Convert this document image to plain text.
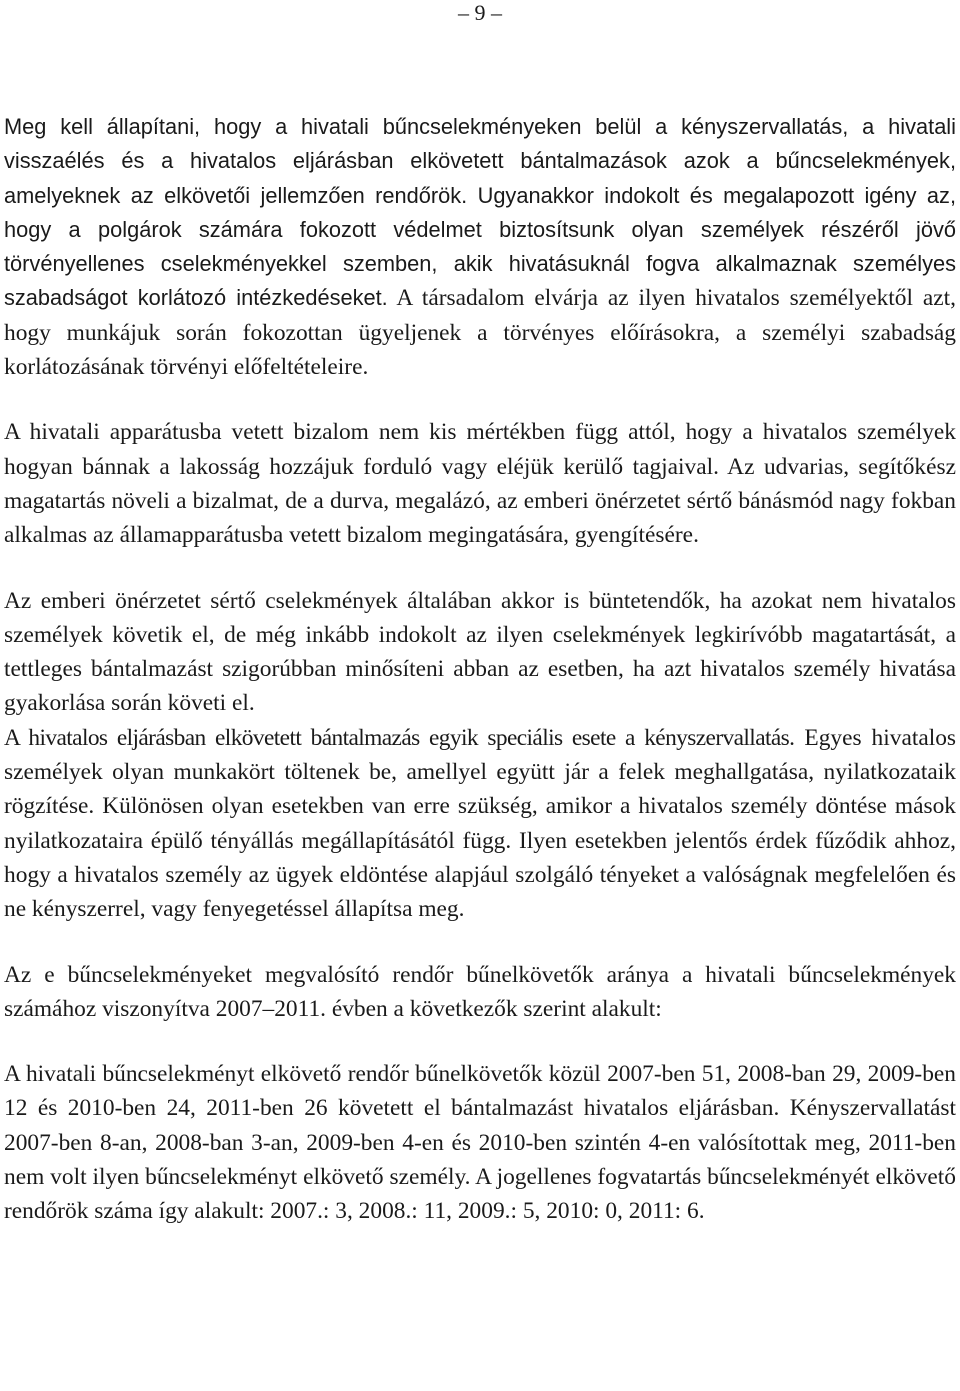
– 9 –

Meg kell állapítani, hogy a hivatali bűncselekményeken belül a kényszervallatás, a hivatali visszaélés és a hivatalos eljárásban elkövetett bántalmazások azok a bűncselekmények, amelyeknek az elkövetői jellemzően rendőrök. Ugyanakkor indokolt és megalapozott igény az, hogy a polgárok számára fokozott védelmet biztosítsunk olyan személyek részéről jövő törvényellenes cselekményekkel szemben, akik hivatásuknál fogva alkalmaznak személyes szabadságot korlátozó intézkedéseket. A társadalom elvárja az ilyen hivatalos személyektől azt, hogy munkájuk során fokozottan ügyeljenek a törvényes előírásokra, a személyi szabadság korlátozásának törvényi előfeltételeire.

A hivatali apparátusba vetett bizalom nem kis mértékben függ attól, hogy a hivatalos személyek hogyan bánnak a lakosság hozzájuk forduló vagy eléjük kerülő tagjaival. Az udvarias, segítőkész magatartás növeli a bizalmat, de a durva, megalázó, az emberi önérzetet sértő bánásmód nagy fokban alkalmas az államapparátusba vetett bizalom megingatására, gyengítésére.

Az emberi önérzetet sértő cselekmények általában akkor is büntetendők, ha azokat nem hivatalos személyek követik el, de még inkább indokolt az ilyen cselekmények legkirívóbb magatartását, a tettleges bántalmazást szigorúbban minősíteni abban az esetben, ha azt hivatalos személy hivatása gyakorlása során követi el.
A hivatalos eljárásban elkövetett bántalmazás egyik speciális esete a kényszervallatás. Egyes hivatalos személyek olyan munkakört töltenek be, amellyel együtt jár a felek meghallgatása, nyilatkozataik rögzítése. Különösen olyan esetekben van erre szükség, amikor a hivatalos személy döntése mások nyilatkozataira épülő tényállás megállapításától függ. Ilyen esetekben jelentős érdek fűződik ahhoz, hogy a hivatalos személy az ügyek eldöntése alapjául szolgáló tényeket a valóságnak megfelelően és ne kényszerrel, vagy fenyegetéssel állapítsa meg.

Az e bűncselekményeket megvalósító rendőr bűnelkövetők aránya a hivatali bűncselekmények számához viszonyítva 2007–2011. évben a következők szerint alakult:

A hivatali bűncselekményt elkövető rendőr bűnelkövetők közül 2007-ben 51, 2008-ban 29, 2009-ben 12 és 2010-ben 24, 2011-ben 26 követett el bántalmazást hivatalos eljárásban. Kényszervallatást 2007-ben 8-an, 2008-ban 3-an, 2009-ben 4-en és 2010-ben szintén 4-en valósítottak meg, 2011-ben nem volt ilyen bűncselekményt elkövető személy. A jogellenes fogvatartás bűncselekményét elkövető rendőrök száma így alakult: 2007.: 3, 2008.: 11, 2009.: 5, 2010: 0, 2011: 6.
